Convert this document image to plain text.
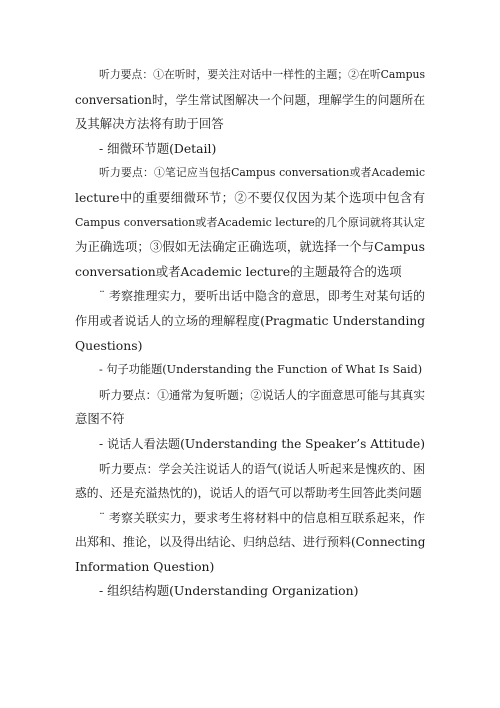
听力要点：①在听时，要关注对话中一样性的主题；②在听Campus
conversation时，学生常试图解决一个问题，理解学生的问题所在
及其解决方法将有助于回答
- 细微环节题(Detail)
听力要点：①笔记应当包括Campus conversation或者Academic
lecture中的重要细微环节；②不要仅仅因为某个选项中包含有
Campus conversation或者Academic lecture的几个原词就将其认定
为正确选项；③假如无法确定正确选项，就选择一个与Campus
conversation或者Academic lecture的主题最符合的选项
¨ 考察推理实力，要听出话中隐含的意思，即考生对某句话的
作用或者说话人的立场的理解程度(Pragmatic Understanding
Questions)
- 句子功能题(Understanding the Function of What Is Said)
听力要点：①通常为复听题；②说话人的字面意思可能与其真实
意图不符
- 说话人看法题(Understanding the Speaker’s Attitude)
听力要点：学会关注说话人的语气(说话人听起来是愧疚的、困
惑的、还是充溢热忱的)，说话人的语气可以帮助考生回答此类问题
¨ 考察关联实力，要求考生将材料中的信息相互联系起来，作
出郑和、推论，以及得出结论、归纳总结、进行预料(Connecting
Information Question)
- 组织结构题(Understanding Organization)
